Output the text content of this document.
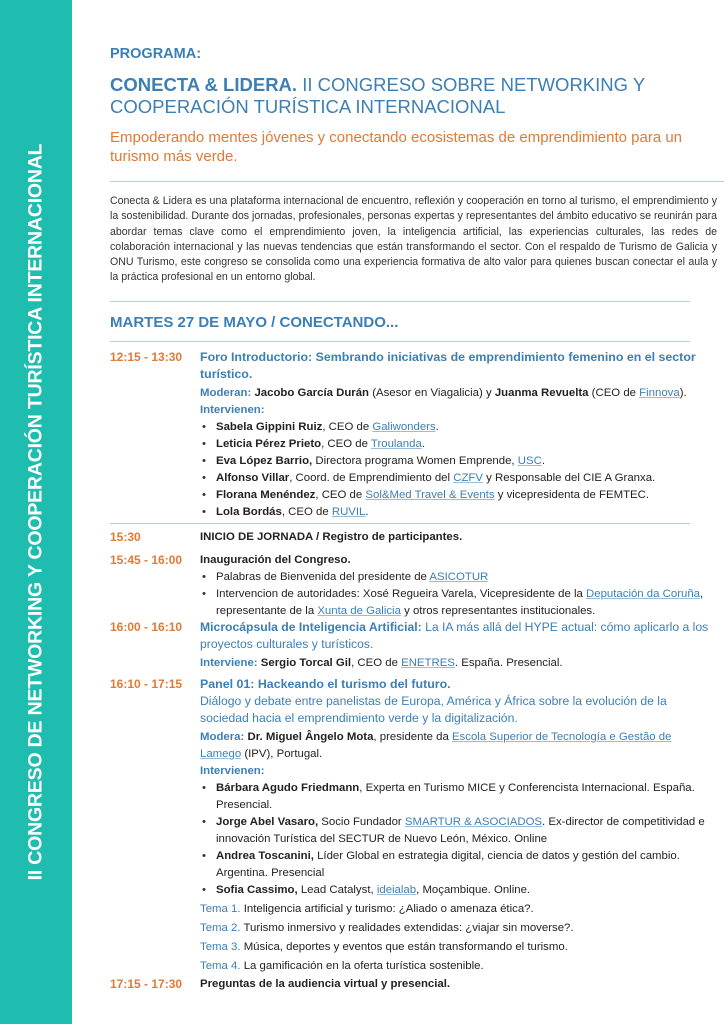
II CONGRESO DE NETWORKING Y COOPERACIÓN TURÍSTICA INTERNACIONAL

PROGRAMA:

CONECTA & LIDERA. II CONGRESO SOBRE NETWORKING Y COOPERACIÓN TURÍSTICA INTERNACIONAL

Empoderando mentes jóvenes y conectando ecosistemas de emprendimiento para un turismo más verde.

Conecta & Lidera es una plataforma internacional de encuentro, reflexión y cooperación en torno al turismo, el emprendimiento y la sostenibilidad. Durante dos jornadas, profesionales, personas expertas y representantes del ámbito educativo se reunirán para abordar temas clave como el emprendimiento joven, la inteligencia artificial, las experiencias culturales, las redes de colaboración internacional y las nuevas tendencias que están transformando el sector. Con el respaldo de Turismo de Galicia y ONU Turismo, este congreso se consolida como una experiencia formativa de alto valor para quienes buscan conectar el aula y la práctica profesional en un entorno global.
MARTES 27 DE MAYO / CONECTANDO...
12:15 - 13:30	Foro Introductorio: Sembrando iniciativas de emprendimiento femenino en el sector turístico.
Moderan: Jacobo García Durán (Asesor en Viagalicia) y Juanma Revuelta (CEO de Finnova).
Intervienen:
• Sabela Gippini Ruiz, CEO de Galiwonders.
• Leticia Pérez Prieto, CEO de Troulanda.
• Eva López Barrio, Directora programa Women Emprende, USC.
• Alfonso Villar, Coord. de Emprendimiento del CZFV y Responsable del CIE A Granxa.
• Florana Menéndez, CEO de Sol&Med Travel & Events y vicepresidenta de FEMTEC.
• Lola Bordás, CEO de RUVIL.
15:30	INICIO DE JORNADA / Registro de participantes.
15:45 - 16:00	Inauguración del Congreso.
• Palabras de Bienvenida del presidente de ASICOTUR
• Intervencion de autoridades: Xosé Regueira Varela, Vicepresidente de la Deputación da Coruña, representante de la Xunta de Galicia y otros representantes institucionales.
16:00 - 16:10	Microcápsula de Inteligencia Artificial: La IA más allá del HYPE actual: cómo aplicarlo a los proyectos culturales y turísticos.
Interviene: Sergio Torcal Gil, CEO de ENETRES. España. Presencial.
16:10 - 17:15	Panel 01: Hackeando el turismo del futuro.
Diálogo y debate entre panelistas de Europa, América y África sobre la evolución de la sociedad hacia el emprendimiento verde y la digitalización.
Modera: Dr. Miguel Ângelo Mota, presidente da Escola Superior de Tecnología e Gestão de Lamego (IPV), Portugal.
Intervienen:
• Bárbara Agudo Friedmann, Experta en Turismo MICE y Conferencista Internacional. España. Presencial.
• Jorge Abel Vasaro, Socio Fundador SMARTUR & ASOCIADOS. Ex-director de competitividad e innovación Turística del SECTUR de Nuevo León, México. Online
• Andrea Toscanini, Líder Global en estrategia digital, ciencia de datos y gestión del cambio. Argentina. Presencial
• Sofia Cassimo, Lead Catalyst, ideialab, Moçambique. Online.
Tema 1. Inteligencia artificial y turismo: ¿Aliado o amenaza ética?.
Tema 2. Turismo inmersivo y realidades extendidas: ¿viajar sin moverse?.
Tema 3. Música, deportes y eventos que están transformando el turismo.
Tema 4. La gamificación en la oferta turística sostenible.
17:15 - 17:30	Preguntas de la audiencia virtual y presencial.
